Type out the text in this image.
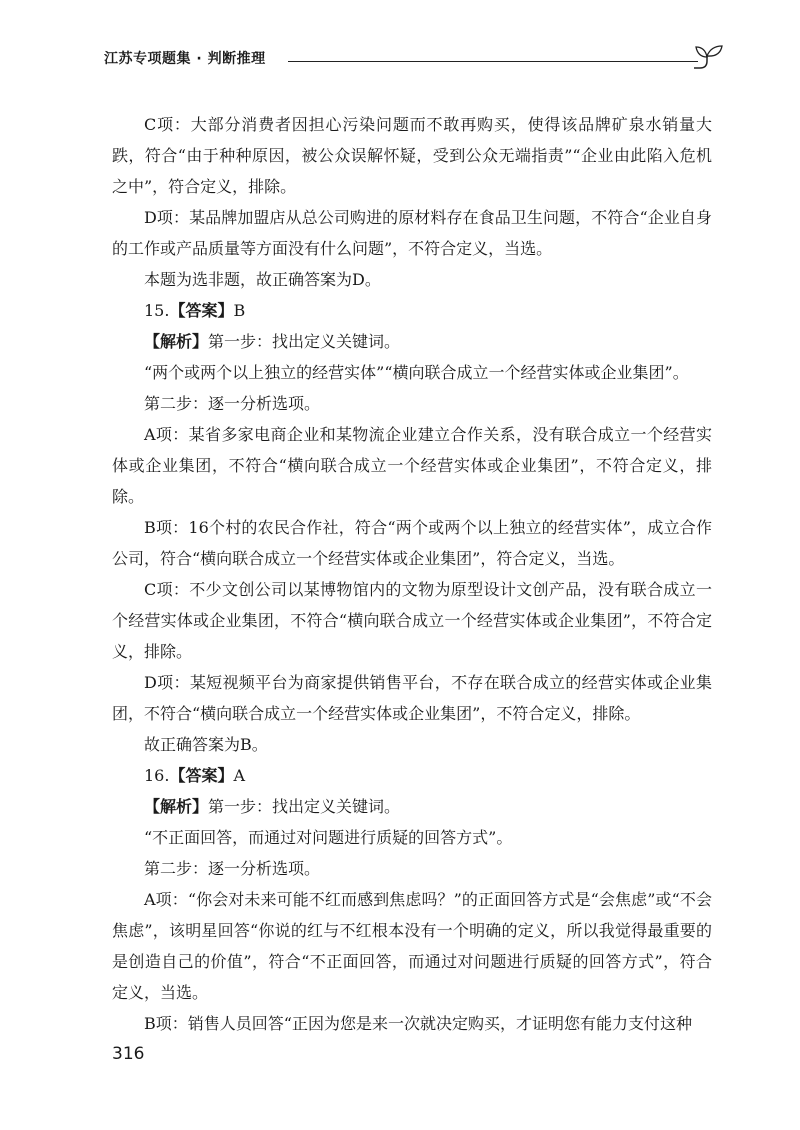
江苏专项题集 · 判断推理

C项：大部分消费者因担心污染问题而不敢再购买，使得该品牌矿泉水销量大跌，符合“由于种种原因，被公众误解怀疑，受到公众无端指责”“企业由此陷入危机之中”，符合定义，排除。

D项：某品牌加盟店从总公司购进的原材料存在食品卫生问题，不符合“企业自身的工作或产品质量等方面没有什么问题”，不符合定义，当选。

本题为选非题，故正确答案为D。

15.【答案】B

【解析】第一步：找出定义关键词。

“两个或两个以上独立的经营实体”“横向联合成立一个经营实体或企业集团”。

第二步：逐一分析选项。

A项：某省多家电商企业和某物流企业建立合作关系，没有联合成立一个经营实体或企业集团，不符合“横向联合成立一个经营实体或企业集团”，不符合定义，排除。

B项：16个村的农民合作社，符合“两个或两个以上独立的经营实体”，成立合作公司，符合“横向联合成立一个经营实体或企业集团”，符合定义，当选。

C项：不少文创公司以某博物馆内的文物为原型设计文创产品，没有联合成立一个经营实体或企业集团，不符合“横向联合成立一个经营实体或企业集团”，不符合定义，排除。

D项：某短视频平台为商家提供销售平台，不存在联合成立的经营实体或企业集团，不符合“横向联合成立一个经营实体或企业集团”，不符合定义，排除。

故正确答案为B。

16.【答案】A

【解析】第一步：找出定义关键词。

“不正面回答，而通过对问题进行质疑的回答方式”。

第二步：逐一分析选项。

A项：“你会对未来可能不红而感到焦虑吗？”的正面回答方式是“会焦虑”或“不会焦虑”，该明星回答“你说的红与不红根本没有一个明确的定义，所以我觉得最重要的是创造自己的价值”，符合“不正面回答，而通过对问题进行质疑的回答方式”，符合定义，当选。

B项：销售人员回答“正因为您是来一次就决定购买，才证明您有能力支付这种

316
